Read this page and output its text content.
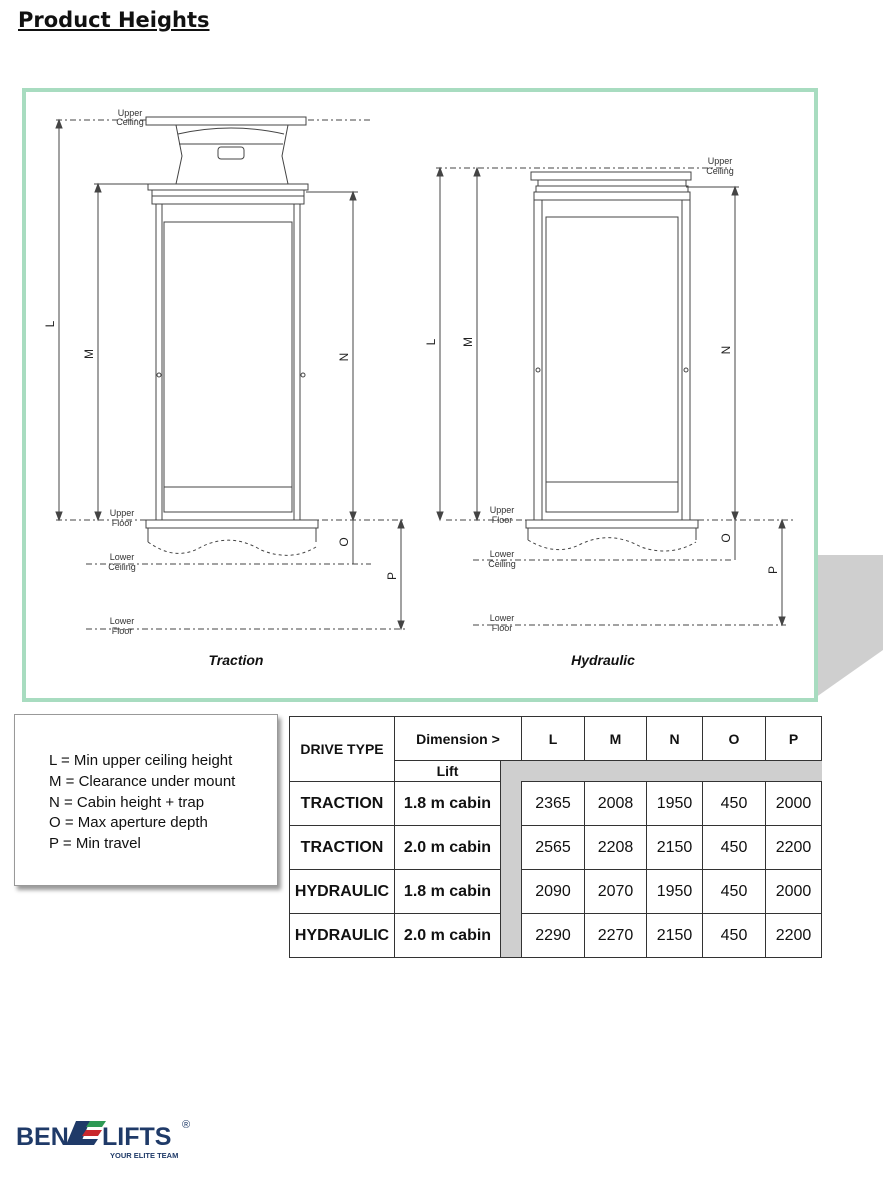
Product Heights
Upper
Ceiling
Upper
Floor
Lower
Ceiling
Lower
Floor
Upper
Ceiling
Upper
Floor
Lower
Ceiling
Lower
Floor
L
M	N
O
P
L M
N
O
P
Traction	Hydraulic
L = Min upper ceiling height
M = Clearance under mount
N = Cabin height + trap
O = Max aperture depth
P = Min travel
DRIVE TYPE	Dimension >		L	M	N	O	P
	Lift						
TRACTION	1.8 m cabin		2365	2008	1950	450	2000
TRACTION	2.0 m cabin		2565	2208	2150	450	2200
HYDRAULIC	1.8 m cabin		2090	2070	1950	450	2000
HYDRAULIC	2.0 m cabin		2290	2270	2150	450	2200
BEN LIFTS ®
YOUR ELITE TEAM
